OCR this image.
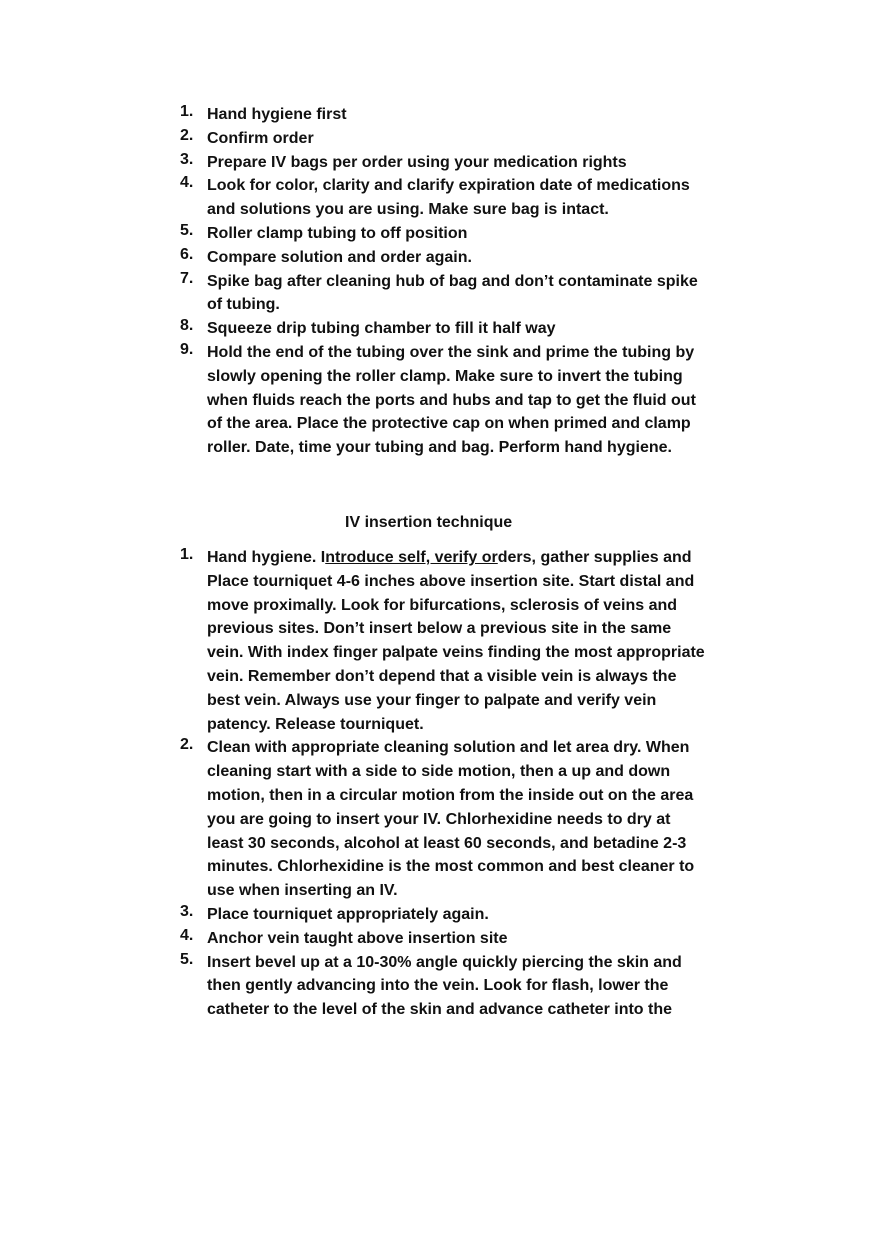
1. Hand hygiene first
2. Confirm order
3. Prepare IV bags per order using your medication rights
4. Look for color, clarity and clarify expiration date of medications
and solutions you are using. Make sure bag is intact.
5. Roller clamp tubing to off position
6. Compare solution and order again.
7. Spike bag after cleaning hub of bag and don’t contaminate spike
of tubing.
8. Squeeze drip tubing chamber to fill it half way
9. Hold the end of the tubing over the sink and prime the tubing by
slowly opening the roller clamp. Make sure to invert the tubing
when fluids reach the ports and hubs and tap to get the fluid out
of the area. Place the protective cap on when primed and clamp
roller. Date, time your tubing and bag. Perform hand hygiene.
IV insertion technique
1. Hand hygiene. Introduce self, verify orders, gather supplies and
Place tourniquet 4-6 inches above insertion site. Start distal and
move proximally. Look for bifurcations, sclerosis of veins and
previous sites. Don’t insert below a previous site in the same
vein. With index finger palpate veins finding the most appropriate
vein. Remember don’t depend that a visible vein is always the
best vein. Always use your finger to palpate and verify vein
patency. Release tourniquet.
2. Clean with appropriate cleaning solution and let area dry. When
cleaning start with a side to side motion, then a up and down
motion, then in a circular motion from the inside out on the area
you are going to insert your IV. Chlorhexidine needs to dry at
least 30 seconds, alcohol at least 60 seconds, and betadine 2-3
minutes. Chlorhexidine is the most common and best cleaner to
use when inserting an IV.
3. Place tourniquet appropriately again.
4. Anchor vein taught above insertion site
5. Insert bevel up at a 10-30% angle quickly piercing the skin and
then gently advancing into the vein. Look for flash, lower the
catheter to the level of the skin and advance catheter into the
